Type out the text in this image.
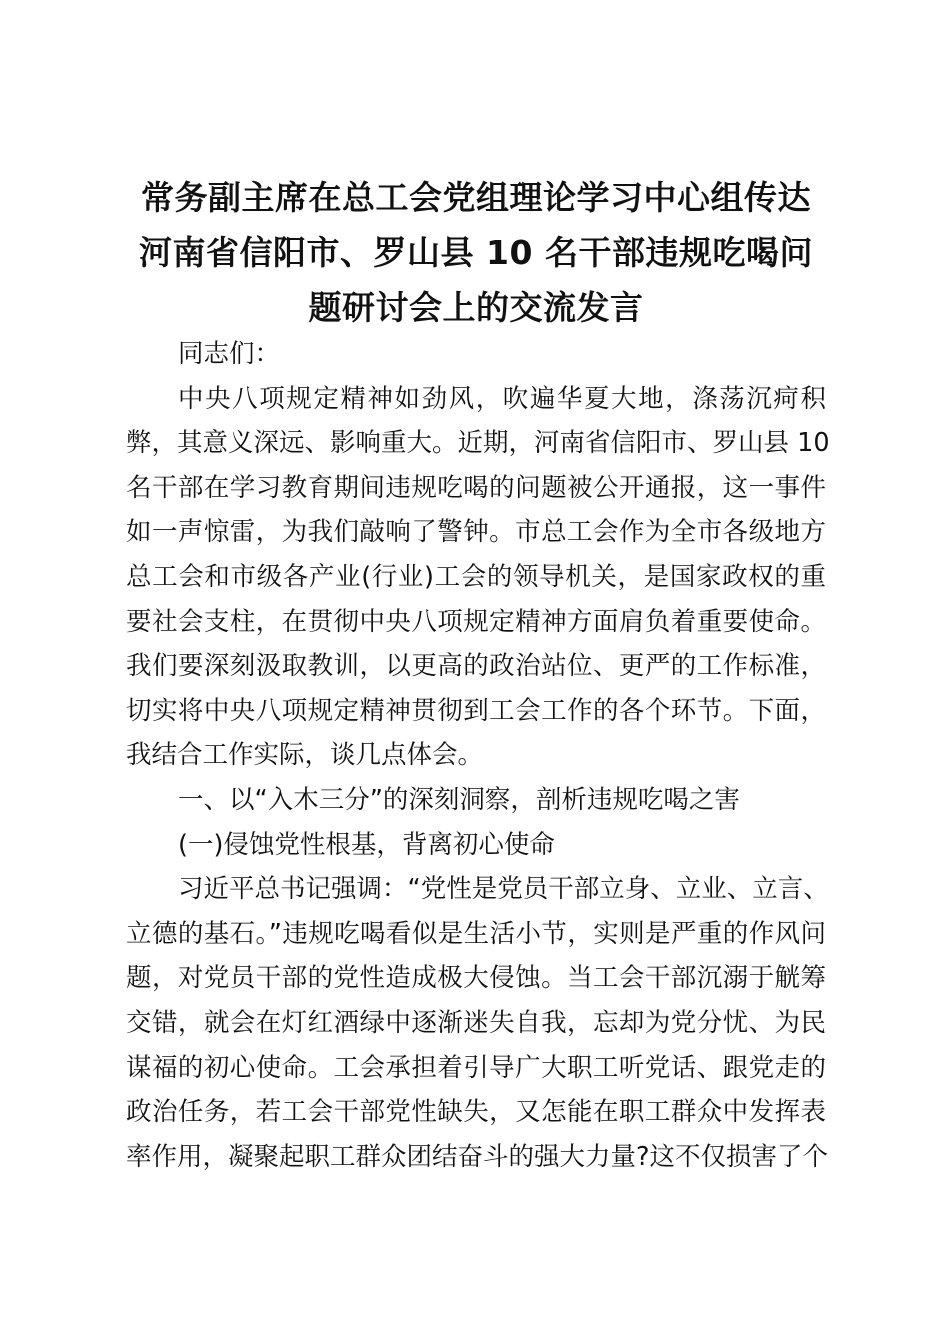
常务副主席在总工会党组理论学习中心组传达
河南省信阳市、罗山县 10 名干部违规吃喝问
题研讨会上的交流发言
同志们：
中央八项规定精神如劲风，吹遍华夏大地，涤荡沉疴积
弊，其意义深远、影响重大。近期，河南省信阳市、罗山县 10
名干部在学习教育期间违规吃喝的问题被公开通报，这一事件
如一声惊雷，为我们敲响了警钟。市总工会作为全市各级地方
总工会和市级各产业(行业)工会的领导机关，是国家政权的重
要社会支柱，在贯彻中央八项规定精神方面肩负着重要使命。
我们要深刻汲取教训，以更高的政治站位、更严的工作标准，
切实将中央八项规定精神贯彻到工会工作的各个环节。下面，
我结合工作实际，谈几点体会。
一、以“入木三分”的深刻洞察，剖析违规吃喝之害
(一)侵蚀党性根基，背离初心使命
习近平总书记强调：“党性是党员干部立身、立业、立言、
立德的基石。”违规吃喝看似是生活小节，实则是严重的作风问
题，对党员干部的党性造成极大侵蚀。当工会干部沉溺于觥筹
交错，就会在灯红酒绿中逐渐迷失自我，忘却为党分忧、为民
谋福的初心使命。工会承担着引导广大职工听党话、跟党走的
政治任务，若工会干部党性缺失，又怎能在职工群众中发挥表
率作用，凝聚起职工群众团结奋斗的强大力量?这不仅损害了个
